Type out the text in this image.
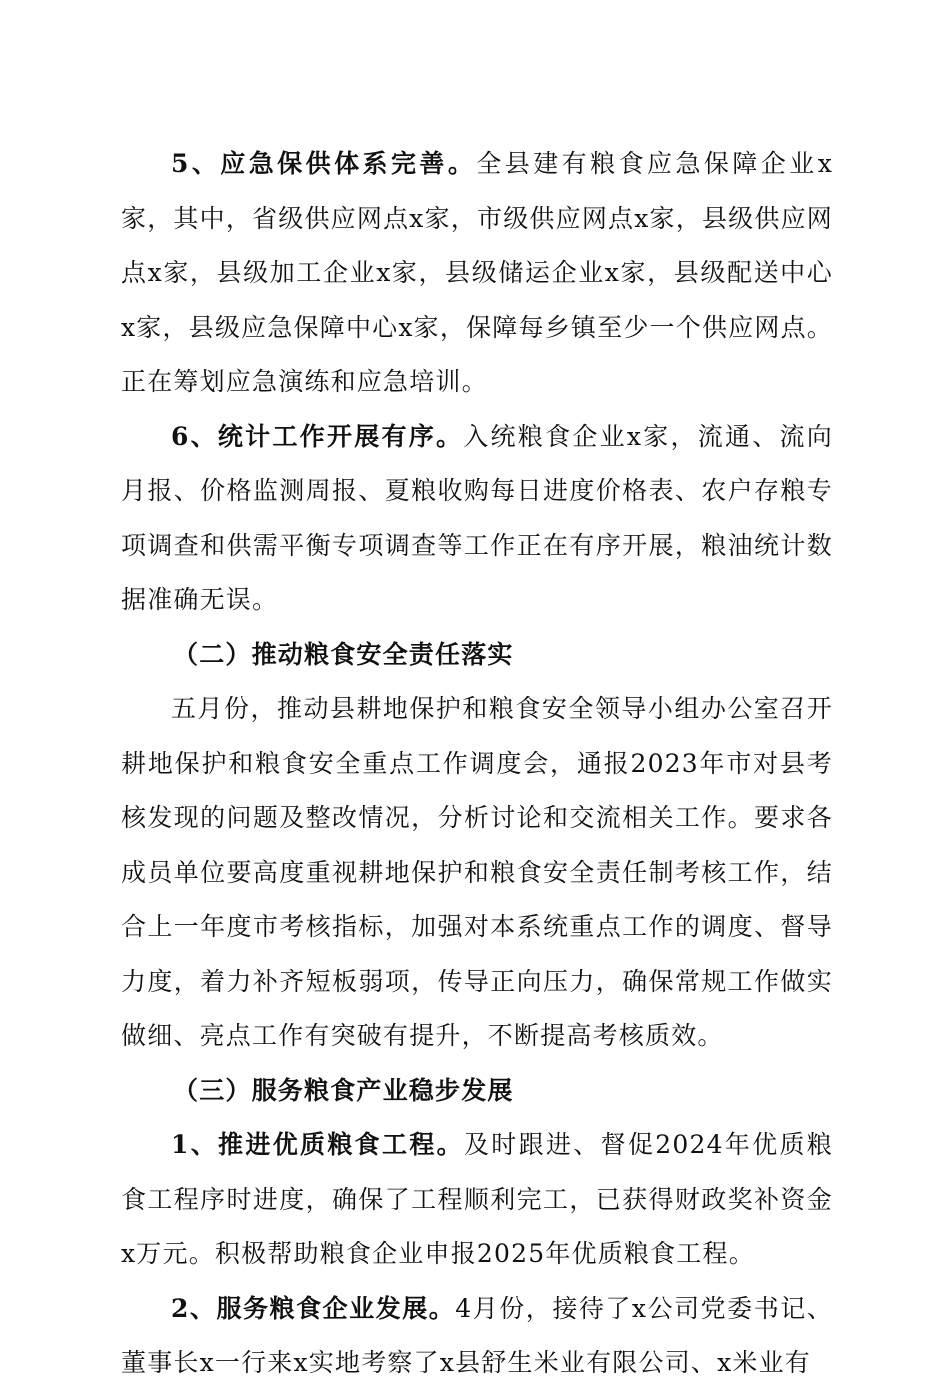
5、应急保供体系完善。全县建有粮食应急保障企业x家，其中，省级供应网点x家，市级供应网点x家，县级供应网点x家，县级加工企业x家，县级储运企业x家，县级配送中心x家，县级应急保障中心x家，保障每乡镇至少一个供应网点。正在筹划应急演练和应急培训。

6、统计工作开展有序。入统粮食企业x家，流通、流向月报、价格监测周报、夏粮收购每日进度价格表、农户存粮专项调查和供需平衡专项调查等工作正在有序开展，粮油统计数据准确无误。

（二）推动粮食安全责任落实

五月份，推动县耕地保护和粮食安全领导小组办公室召开耕地保护和粮食安全重点工作调度会，通报2023年市对县考核发现的问题及整改情况，分析讨论和交流相关工作。要求各成员单位要高度重视耕地保护和粮食安全责任制考核工作，结合上一年度市考核指标，加强对本系统重点工作的调度、督导力度，着力补齐短板弱项，传导正向压力，确保常规工作做实做细、亮点工作有突破有提升，不断提高考核质效。

（三）服务粮食产业稳步发展

1、推进优质粮食工程。及时跟进、督促2024年优质粮食工程序时进度，确保了工程顺利完工，已获得财政奖补资金x万元。积极帮助粮食企业申报2025年优质粮食工程。

2、服务粮食企业发展。4月份，接待了x公司党委书记、董事长x一行来x实地考察了x县舒生米业有限公司、x米业有
